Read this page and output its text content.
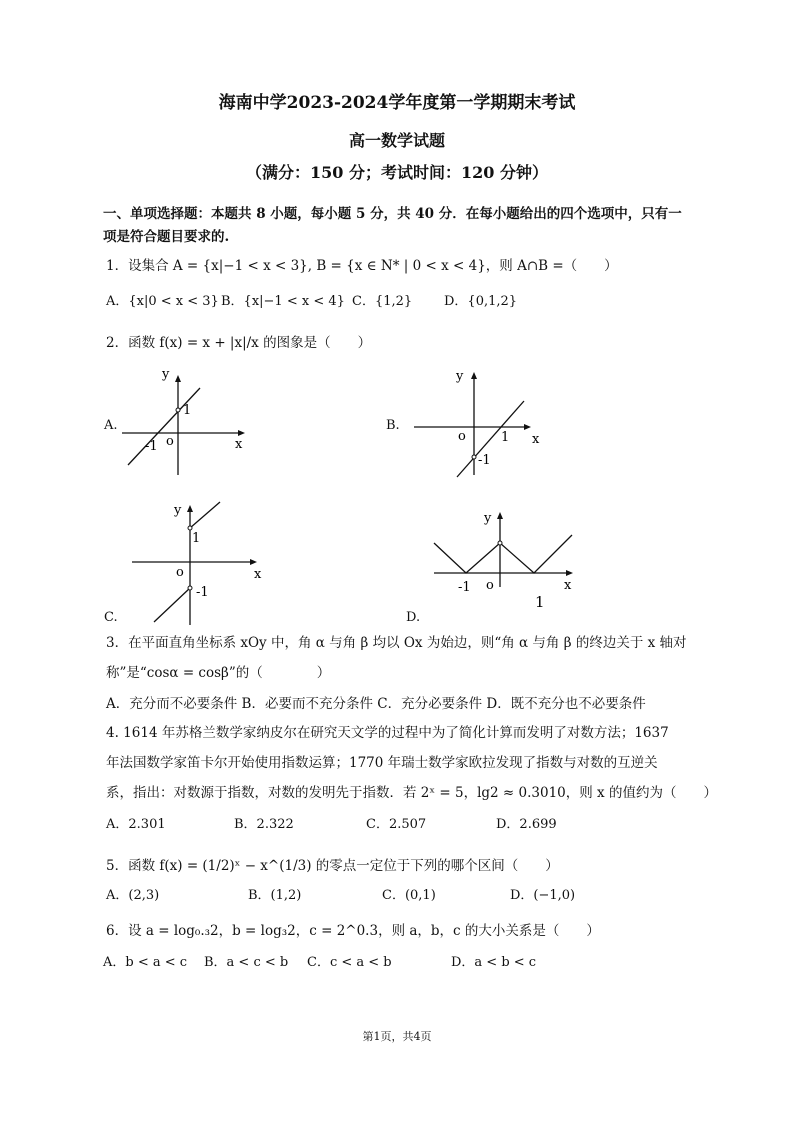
海南中学2023-2024学年度第一学期期末考试
高一数学试题
（满分：150 分；考试时间：120 分钟）
一、单项选择题：本题共 8 小题，每小题 5 分，共 40 分．在每小题给出的四个选项中，只有一
项是符合题目要求的.
1．设集合 A = {x|−1 < x < 3}, B = {x ∈ N* | 0 < x < 4}，则 A∩B =（　　）
A．{x|0 < x < 3} B．{x|−1 < x < 4} C．{1,2} D．{0,1,2}
2．函数 f(x) = x + |x|/x 的图象是（　　）
A.
y
x
o
1
-1
B.
y
x
o	1
-1
y
x
o
1
-1
C.
y
x
o
-1
1
D.
3．在平面直角坐标系 xOy 中，角 α 与角 β 均以 Ox 为始边，则“角 α 与角 β 的终边关于 x 轴对
称”是“cosα = cosβ”的（　　　　）
A．充分而不必要条件 B．必要而不充分条件 C．充分必要条件 D．既不充分也不必要条件
4. 1614 年苏格兰数学家纳皮尔在研究天文学的过程中为了简化计算而发明了对数方法；1637
年法国数学家笛卡尔开始使用指数运算；1770 年瑞士数学家欧拉发现了指数与对数的互逆关
系，指出：对数源于指数，对数的发明先于指数．若 2ˣ = 5，lg2 ≈ 0.3010，则 x 的值约为（　　）
A．2.301	B．2.322	C．2.507	D．2.699
5．函数 f(x) = (1/2)ˣ − x^(1/3) 的零点一定位于下列的哪个区间（　　）
A．(2,3)	B．(1,2)	C．(0,1)	D．(−1,0)
6．设 a = log₀.₃2，b = log₃2，c = 2^0.3，则 a，b，c 的大小关系是（　　）
A．b < a < c B．a < c < b C．c < a < b	D．a < b < c
第1页，共4页
